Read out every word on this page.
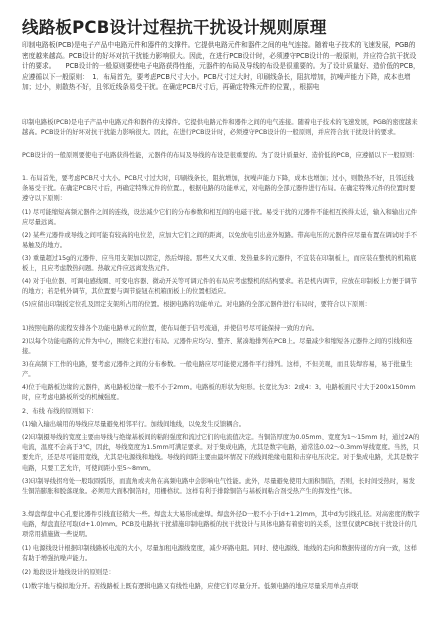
线路板PCB设计过程抗干扰设计规则原理

印制电路板(PCB)是电子产品中电路元件和器件的支撑件。它提供电路元件和器件之间的电气连接。随着电子技术的飞速发展，PGB的密度越来越高。PCB设计的好坏对抗干扰能力影响很大。因此，在进行PCB设计时，必须遵守PCB设计的一般原则，并应符合抗干扰设计的要求。　　PCB设计的一般原则要使电子电路获得性能，元器件的布局及导线的布设是很重要的。为了设计质量好、造价低的PCB，应遵循以下一般原则：　1．布局首先，要考虑PCB尺寸大小。PCB尺寸过大时，印刷线条长，阻抗增加，抗噪声能力下降，成本也增加；过小，则散热不好，且邻近线条易受干扰。在确定PCB尺寸后，再确定特殊元件的位置，，根据电

印制电路板(PCB)是电子产品中电路元件和器件的支撑件。它提供电路元件和器件之间的电气连接。随着电子技术的飞速发展，PGB的密度越来越高。PCB设计的好坏对抗干扰能力影响很大。因此，在进行PCB设计时，必须遵守PCB设计的一般原则，并应符合抗干扰设计的要求。

PCB设计的一般原则要使电子电路获得性能，元器件的布局及导线的布设是很重要的。为了设计质量好、造价低的PCB，应遵循以下一般原则：

1. 布局首先，要考虑PCB尺寸大小。PCB尺寸过大时，印刷线条长，阻抗增加，抗噪声能力下降，成本也增加；过小，则散热不好，且邻近线条易受干扰。在确定PCB尺寸后，再确定特殊元件的位置。，根据电路的功能单元，对电路的全部元器件进行布局。在确定特殊元件的位置时要遵守以下原则：

(1) 尽可能缩短高频元器件之间的连线，设法减少它们的分布参数和相互间的电磁干扰。易受干扰的元器件不能相互挨得太近，输入和输出元件应尽量远离。

(2) 某些元器件或导线之间可能有较高的电位差，应加大它们之间的距离，以免放电引出意外短路。带高电压的元器件应尽量布置在调试时手不易触及的地方。

(3) 重量超过15g的元器件、应当用支架加以固定，然后焊接。那些又大又重、发热量多的元器件，不宜装在印制板上，而应装在整机的机箱底板上，且应考虑散热问题。热敏元件应远离发热元件。

(4) 对于电位器、可调电感线圈、可变电容器、微动开关等可调元件的布局应考虑整机的结构要求。若是机内调节，应放在印制板上方便于调节的地方；若是机外调节，其位置要与调节旋钮在机箱面板上的位置相适应。

(5)应留出印制扳定位孔及固定支架所占用的位置。根据电路的功能单元。对电路的全部元器件进行布局时，要符合以下原则：

1)按照电路的流程安排各个功能电路单元的位置，使布局便于信号流通，并使信号尽可能保持一致的方向。

2)以每个功能电路的元件为中心，围绕它来进行布局。元器件应均匀、整齐、紧凑地排列在PCB上。尽量减少和缩短各元器件之间的引线和连接。

3)在高频下工作的电路，要考虑元器件之间的分布参数。一般电路应尽可能使元器件平行排列。这样，不但美观，而且装焊容易，易于批量生产。

4)位于电路板边缘的元器件，离电路板边缘一般不小于2mm。电路板的形状为矩形。长宽比为3：2或4：3。电路板面尺寸大于200x150mm时，应考虑电路板所受的机械强度。

2、布线 布线的原则如下：

(1)输入输出端用的导线应尽量避免相邻平行。加线间地线，以免发生反馈耦合。

(2)印制摄导线的宽度主要由导线与绝缘基板间的粘附强度和流过它们的电流值决定。当铜箔厚度为0.05mm、宽度为1～15mm 时，通过2A的电流，温度不会高于3℃，因此，导线宽度为1.5mm可满足要求。对于集成电路，尤其是数字电路，通常选0.02～0.3mm导线宽度。当然，只要允许，还是尽可能用宽线，尤其是电源线和地线。导线的间距主要由最坏情况下的线间绝缘电阻和击穿电压决定。对于集成电路，尤其是数字电路，只要工艺允许，可使间距小至5~8mm。

(3)印制导线拐弯处一般取圆弧形，而直角或夹角在高频电路中会影响电气性能。此外，尽量避免使用大面积铜箔，否则，长时间受热时，易发生铜箔膨胀和脱落现象。必须用大面积铜箔时，用栅格状。这样有利于排除铜箔与基板间粘合剂受热产生的挥发性气体。

3.焊盘焊盘中心孔要比器件引线直径稍大一些。焊盘太大易形成虚焊。焊盘外径D一般不小于(d+1.2)mm，其中d为引线孔径。对高密度的数字电路，焊盘直径可取(d+1.0)mm。PCB及电路抗干扰措施印制电路板的抗干扰设计与具体电路有着密切的关系，这里仅就PCB抗干扰设计的几项常用措施做一些说明。

(1) 电源线设计根据印制线路板电流的大小，尽量加租电源线宽度，减少环路电阻。同时、使电源线、地线的走向和数据传递的方向一致，这样有助于增强抗噪声能力。

(2) 地段设计地线设计的原则是：

(1)数字地与模拟地分开。若线路板上既有逻辑电路又有线性电路，应使它们尽量分开。低频电路的地应尽量采用单点并联
